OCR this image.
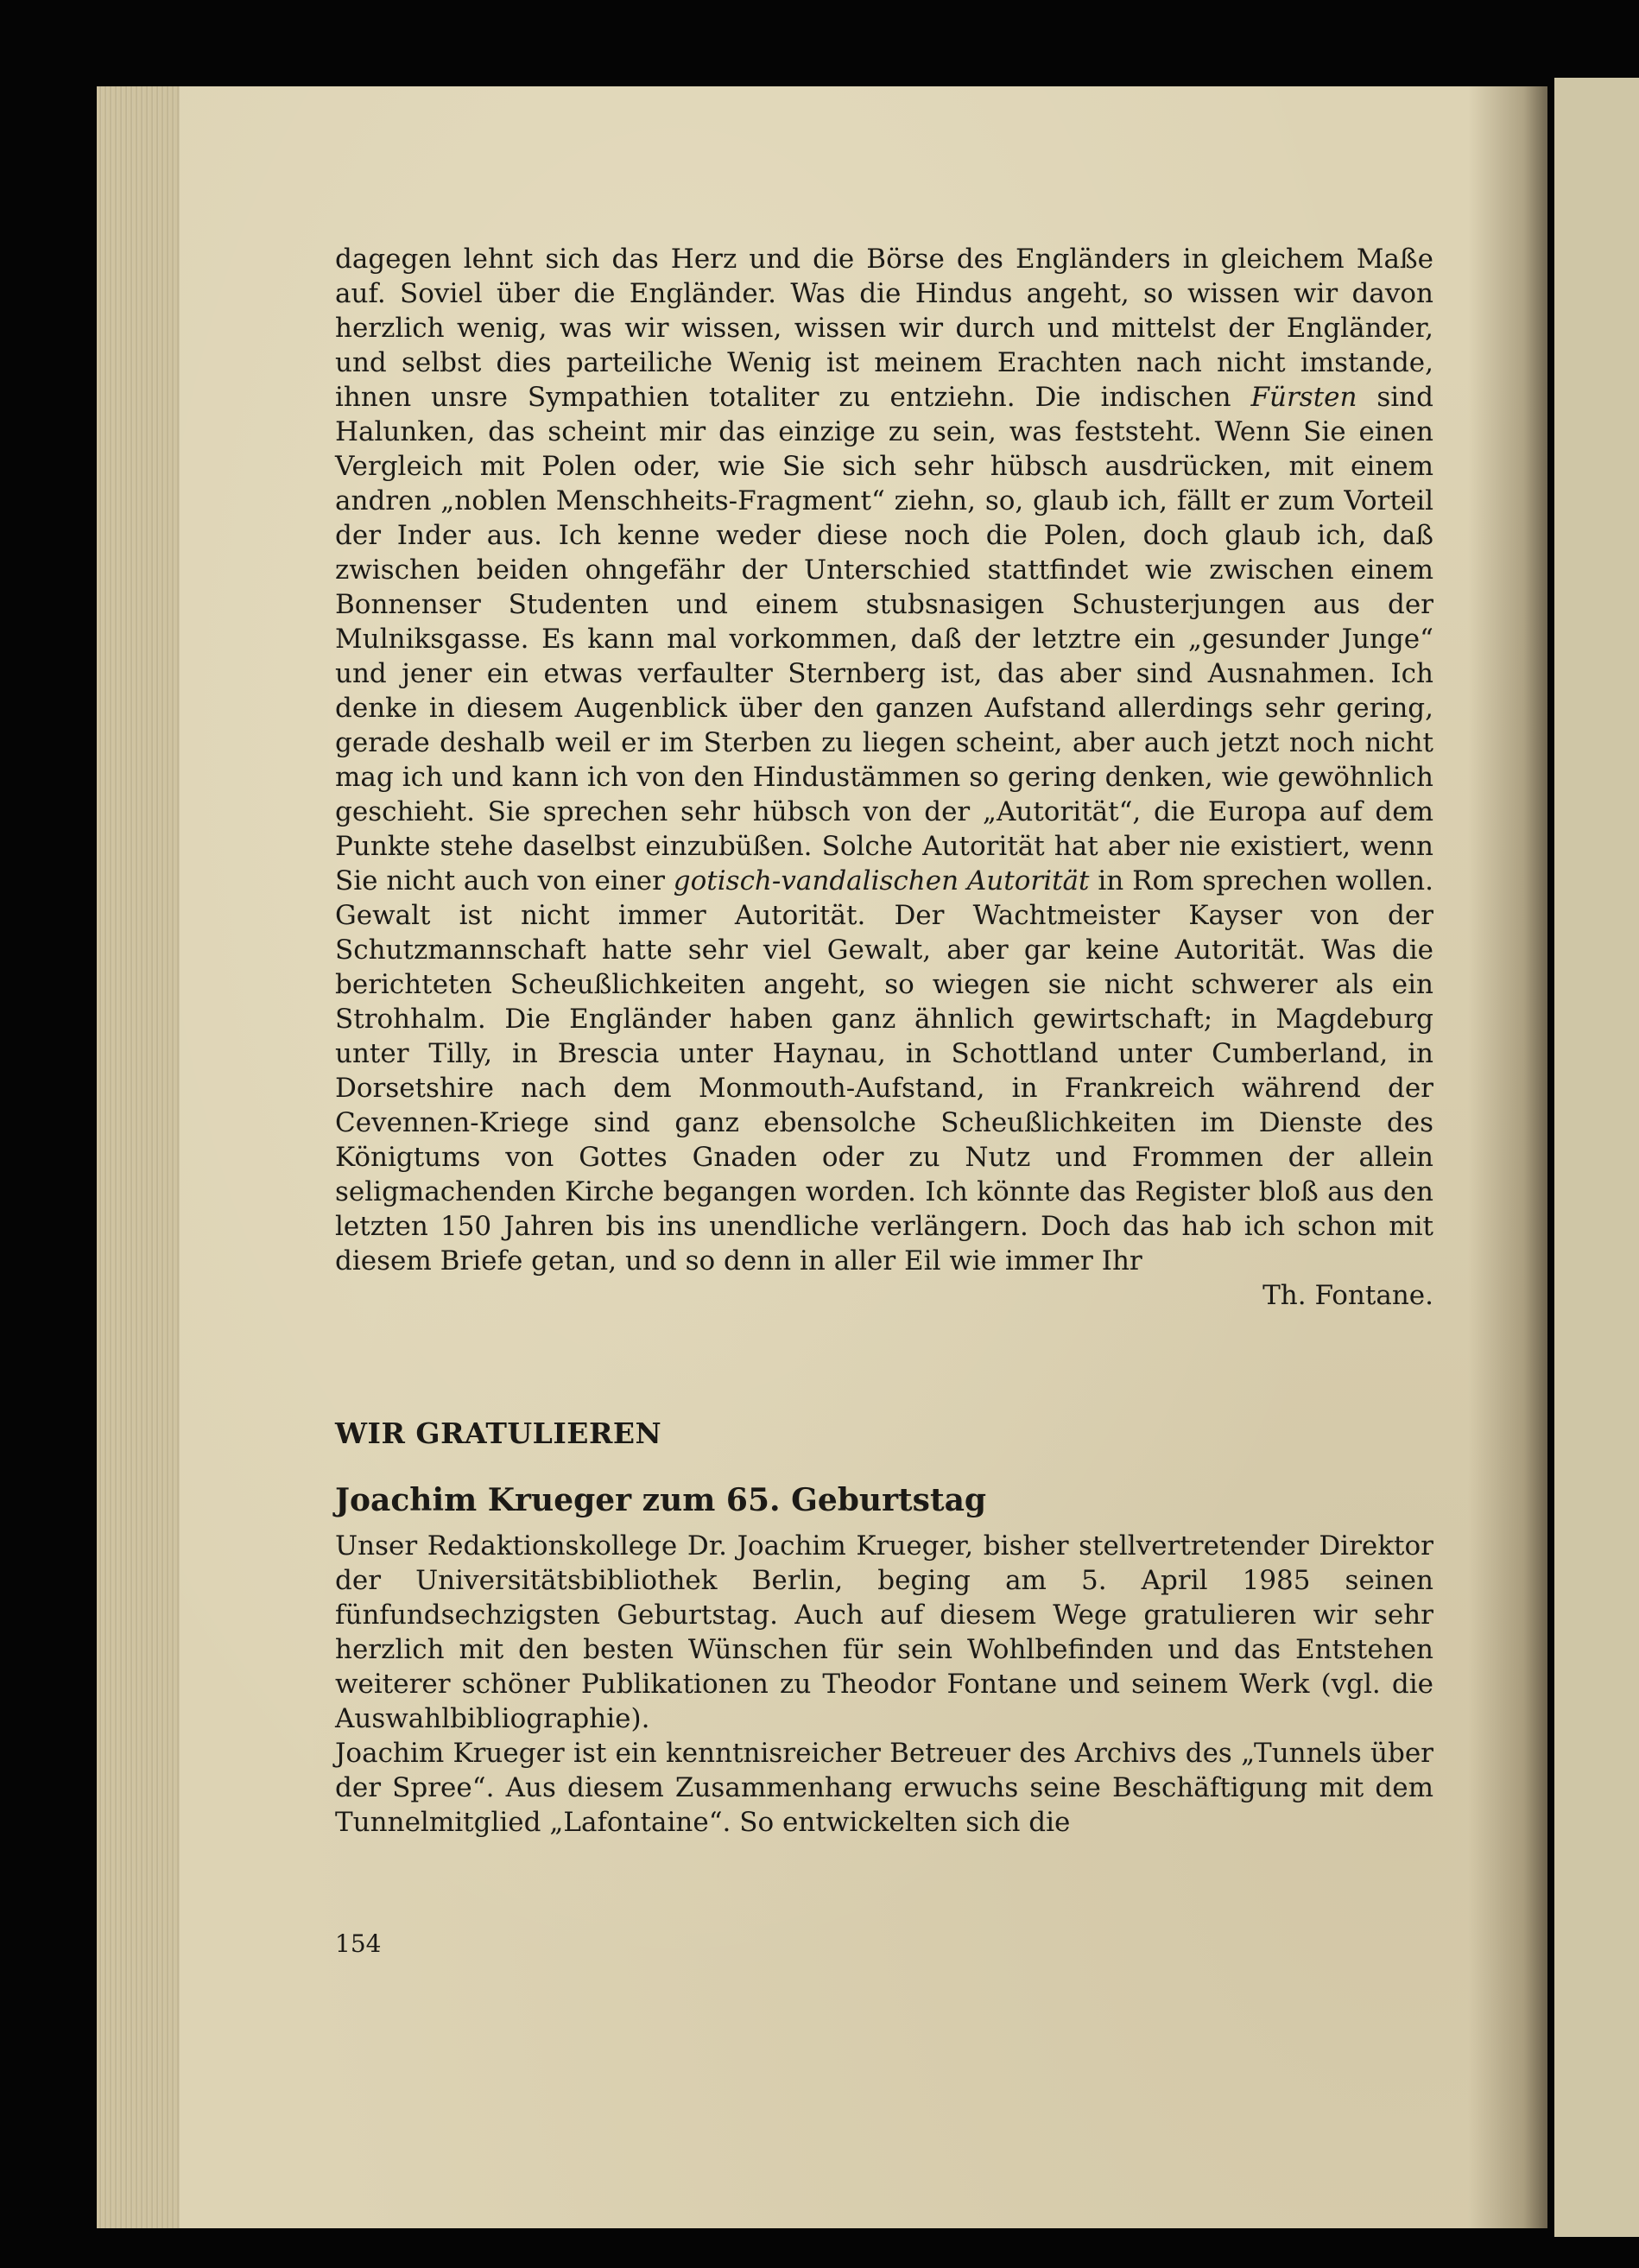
dagegen lehnt sich das Herz und die Börse des Engländers in gleichem Maße auf. Soviel über die Engländer. Was die Hindus angeht, so wissen wir davon herzlich wenig, was wir wissen, wissen wir durch und mittelst der Engländer, und selbst dies parteiliche Wenig ist meinem Erachten nach nicht imstande, ihnen unsre Sympathien totaliter zu entziehn. Die indischen Fürsten sind Halunken, das scheint mir das einzige zu sein, was feststeht. Wenn Sie einen Vergleich mit Polen oder, wie Sie sich sehr hübsch ausdrücken, mit einem andren „noblen Menschheits-Fragment“ ziehn, so, glaub ich, fällt er zum Vorteil der Inder aus. Ich kenne weder diese noch die Polen, doch glaub ich, daß zwischen beiden ohngefähr der Unterschied stattfindet wie zwischen einem Bonnenser Studenten und einem stubsnasigen Schusterjungen aus der Mulniksgasse. Es kann mal vorkommen, daß der letztre ein „gesunder Junge“ und jener ein etwas verfaulter Sternberg ist, das aber sind Ausnahmen. Ich denke in diesem Augenblick über den ganzen Aufstand allerdings sehr gering, gerade deshalb weil er im Sterben zu liegen scheint, aber auch jetzt noch nicht mag ich und kann ich von den Hindustämmen so gering denken, wie gewöhnlich geschieht. Sie sprechen sehr hübsch von der „Autorität“, die Europa auf dem Punkte stehe daselbst einzubüßen. Solche Autorität hat aber nie existiert, wenn Sie nicht auch von einer gotisch-vandalischen Autorität in Rom sprechen wollen. Gewalt ist nicht immer Autorität. Der Wachtmeister Kayser von der Schutzmannschaft hatte sehr viel Gewalt, aber gar keine Autorität. Was die berichteten Scheußlichkeiten angeht, so wiegen sie nicht schwerer als ein Strohhalm. Die Engländer haben ganz ähnlich gewirtschaft; in Magdeburg unter Tilly, in Brescia unter Haynau, in Schottland unter Cumberland, in Dorsetshire nach dem Monmouth-Aufstand, in Frankreich während der Cevennen-Kriege sind ganz ebensolche Scheußlichkeiten im Dienste des Königtums von Gottes Gnaden oder zu Nutz und Frommen der allein seligmachenden Kirche begangen worden. Ich könnte das Register bloß aus den letzten 150 Jahren bis ins unendliche verlängern. Doch das hab ich schon mit diesem Briefe getan, und so denn in aller Eil wie immer Ihr

Th. Fontane.

WIR GRATULIEREN
Joachim Krueger zum 65. Geburtstag

Unser Redaktionskollege Dr. Joachim Krueger, bisher stellvertretender Direktor der Universitätsbibliothek Berlin, beging am 5. April 1985 seinen fünfundsechzigsten Geburtstag. Auch auf diesem Wege gratulieren wir sehr herzlich mit den besten Wünschen für sein Wohlbefinden und das Entstehen weiterer schöner Publikationen zu Theodor Fontane und seinem Werk (vgl. die Auswahlbibliographie).

Joachim Krueger ist ein kenntnisreicher Betreuer des Archivs des „Tunnels über der Spree“. Aus diesem Zusammenhang erwuchs seine Beschäftigung mit dem Tunnelmitglied „Lafontaine“. So entwickelten sich die

154
